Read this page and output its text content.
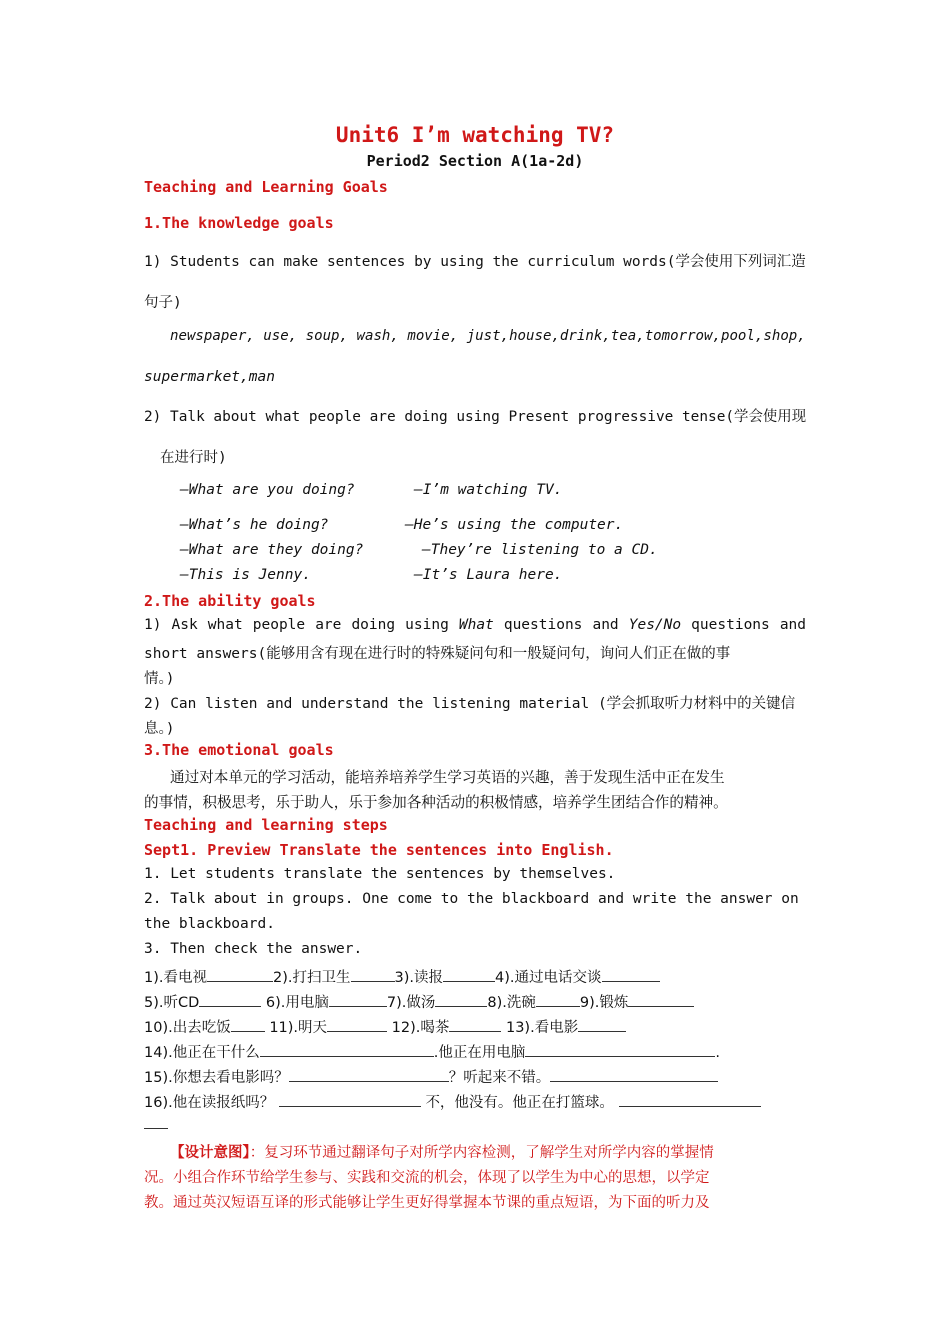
Unit6 I’m watching TV?
Period2 Section A(1a-2d)
Teaching and Learning Goals
1.The knowledge goals
1) Students can make sentences by using the curriculum words(学会使用下列词汇造
句子)
newspaper, use, soup, wash, movie, just,house,drink,tea,tomorrow,pool,shop,
supermarket,man
2) Talk about what people are doing using Present progressive tense(学会使用现
在进行时)
—What are you doing?	—I’m watching TV.
—What’s he doing?	—He’s using the computer.
—What are they doing?	—They’re listening to a CD.
—This is Jenny.	—It’s Laura here.
2.The ability goals
1) Ask what people are doing using What questions and Yes/No questions and
short answers(能够用含有现在进行时的特殊疑问句和一般疑问句，询问人们正在做的事
情。)
2) Can listen and understand the listening material (学会抓取听力材料中的关键信
息。)
3.The emotional goals
通过对本单元的学习活动，能培养培养学生学习英语的兴趣，善于发现生活中正在发生
的事情，积极思考，乐于助人，乐于参加各种活动的积极情感，培养学生团结合作的精神。
Teaching and learning steps
Sept1. Preview Translate the sentences into English.
1. Let students translate the sentences by themselves.
2. Talk about in groups. One come to the blackboard and write the answer on
the blackboard.
3. Then check the answer.
1).看电视	2).打扫卫生	3).读报	4).通过电话交谈
5).听CD	6).用电脑	7).做汤	8).洗碗	9).锻炼
10).出去吃饭	11).明天	12).喝茶	13).看电影
14).他正在干什么	.他正在用电脑	.
15).你想去看电影吗？	？听起来不错。
16).他在读报纸吗？	不，他没有。他正在打篮球。
【设计意图】：复习环节通过翻译句子对所学内容检测，了解学生对所学内容的掌握情
况。小组合作环节给学生参与、实践和交流的机会，体现了以学生为中心的思想，以学定
教。通过英汉短语互译的形式能够让学生更好得掌握本节课的重点短语，为下面的听力及
